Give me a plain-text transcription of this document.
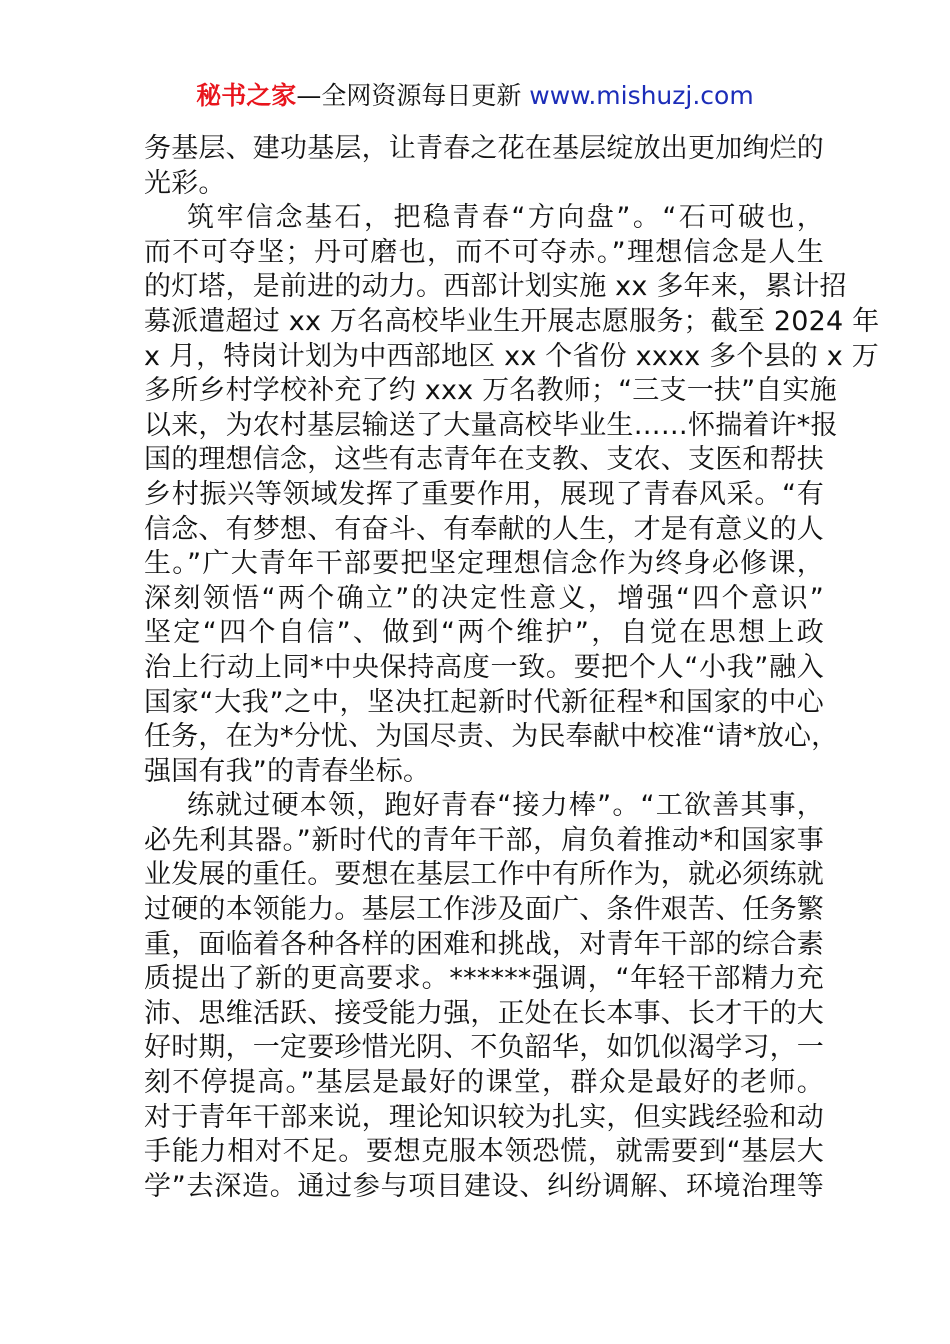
秘书之家—全网资源每日更新 www.mishuzj.com
务基层、建功基层，让青春之花在基层绽放出更加绚烂的
光彩。
筑牢信念基石，把稳青春“方向盘”。“石可破也，
而不可夺坚；丹可磨也，而不可夺赤。”理想信念是人生
的灯塔，是前进的动力。西部计划实施 xx 多年来，累计招
募派遣超过 xx 万名高校毕业生开展志愿服务；截至 2024 年
x 月，特岗计划为中西部地区 xx 个省份 xxxx 多个县的 x 万
多所乡村学校补充了约 xxx 万名教师；“三支一扶”自实施
以来，为农村基层输送了大量高校毕业生……怀揣着许*报
国的理想信念，这些有志青年在支教、支农、支医和帮扶
乡村振兴等领域发挥了重要作用，展现了青春风采。“有
信念、有梦想、有奋斗、有奉献的人生，才是有意义的人
生。”广大青年干部要把坚定理想信念作为终身必修课，
深刻领悟“两个确立”的决定性意义，增强“四个意识”
坚定“四个自信”、做到“两个维护”，自觉在思想上政
治上行动上同*中央保持高度一致。要把个人“小我”融入
国家“大我”之中，坚决扛起新时代新征程*和国家的中心
任务，在为*分忧、为国尽责、为民奉献中校准“请*放心，
强国有我”的青春坐标。
练就过硬本领，跑好青春“接力棒”。“工欲善其事，
必先利其器。”新时代的青年干部，肩负着推动*和国家事
业发展的重任。要想在基层工作中有所作为，就必须练就
过硬的本领能力。基层工作涉及面广、条件艰苦、任务繁
重，面临着各种各样的困难和挑战，对青年干部的综合素
质提出了新的更高要求。******强调，“年轻干部精力充
沛、思维活跃、接受能力强，正处在长本事、长才干的大
好时期，一定要珍惜光阴、不负韶华，如饥似渴学习，一
刻不停提高。”基层是最好的课堂，群众是最好的老师。
对于青年干部来说，理论知识较为扎实，但实践经验和动
手能力相对不足。要想克服本领恐慌，就需要到“基层大
学”去深造。通过参与项目建设、纠纷调解、环境治理等
